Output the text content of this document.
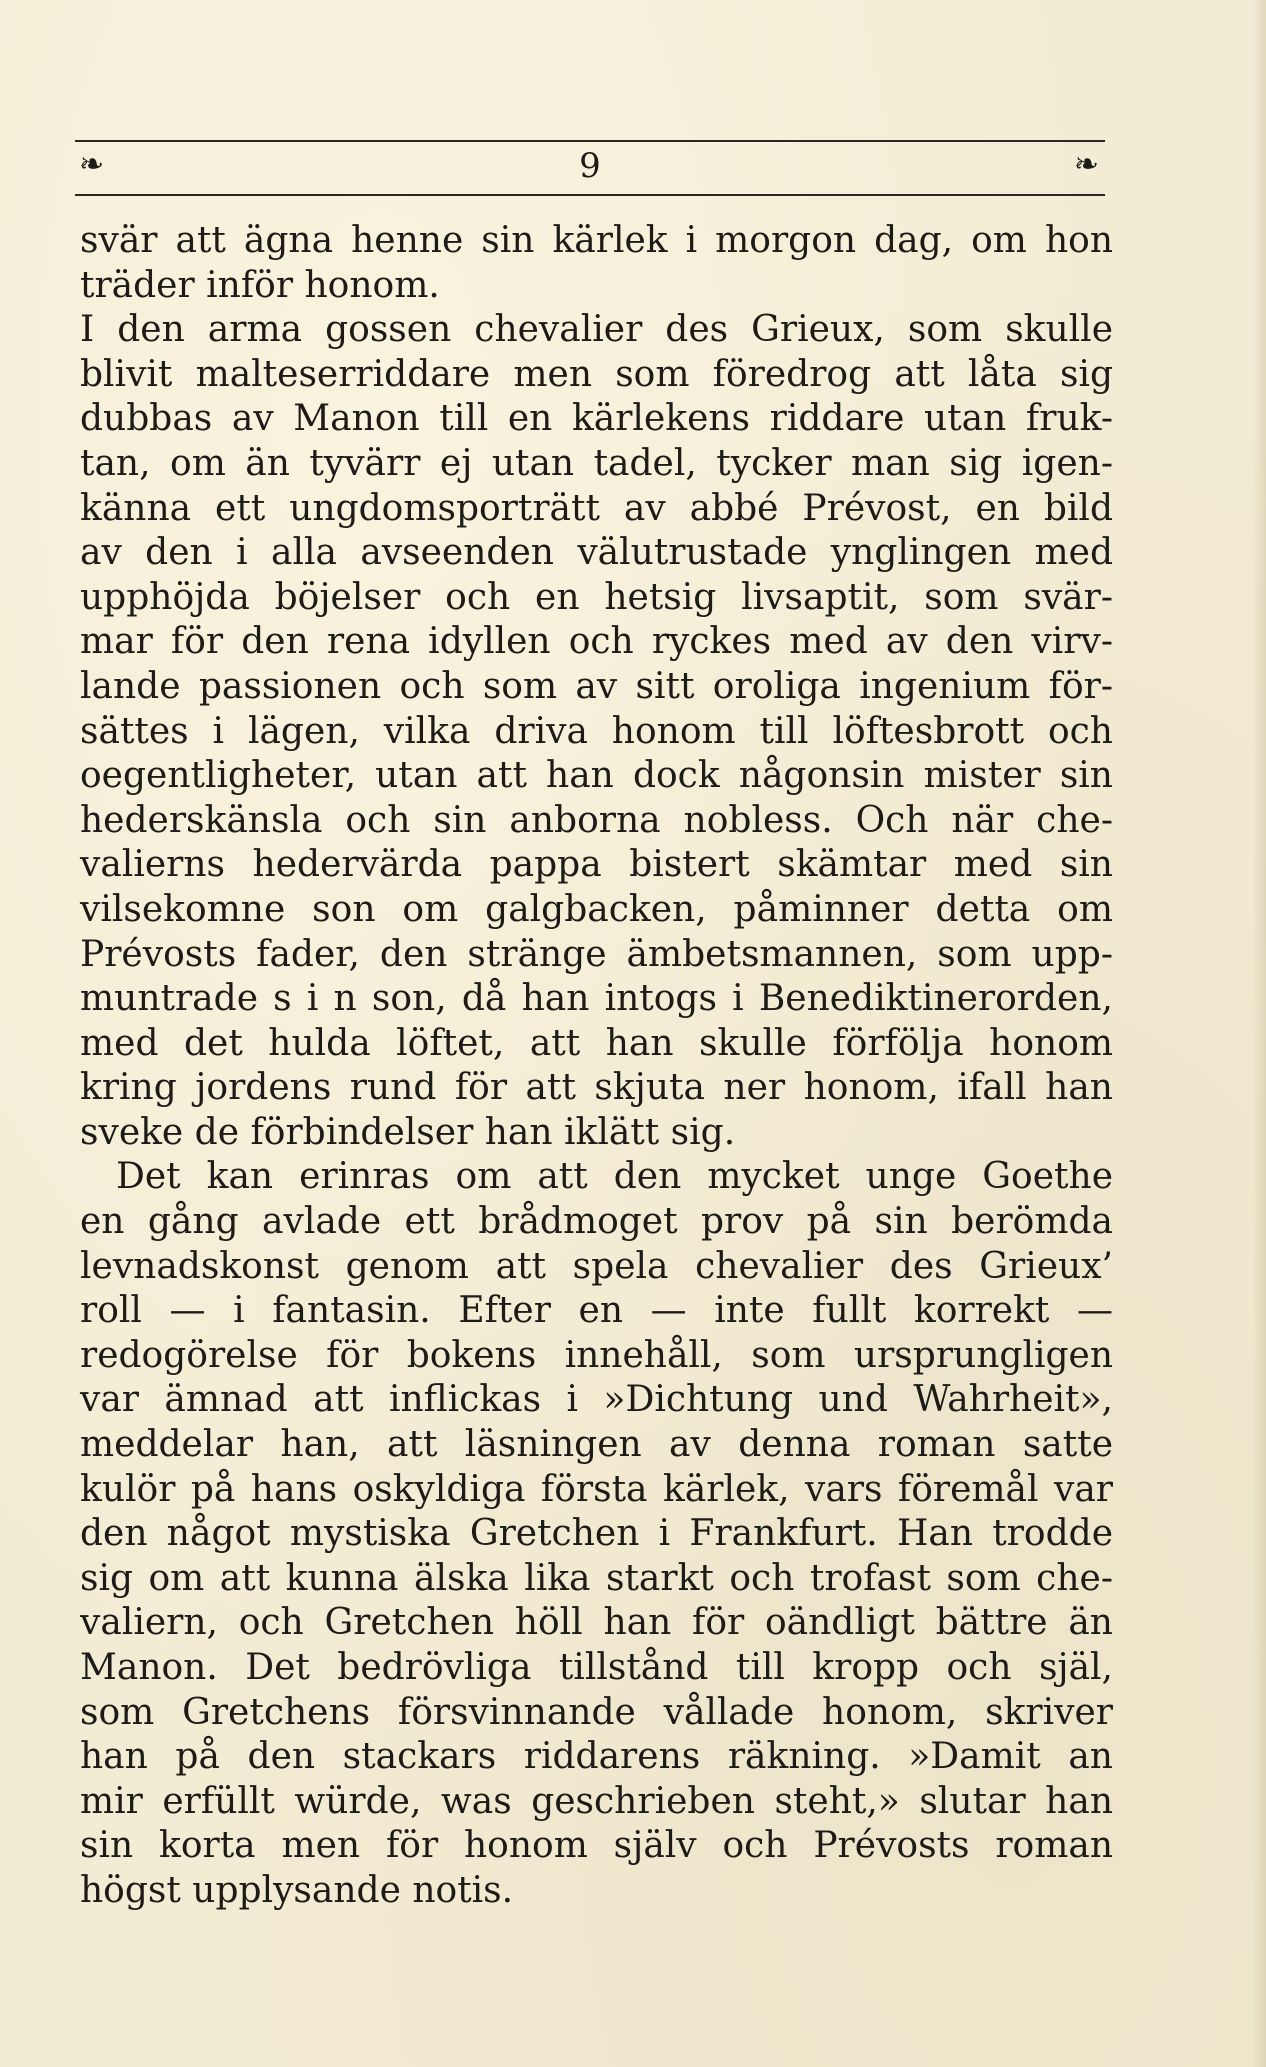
❧	9	❧
svär att ägna henne sin kärlek i morgon dag, om hon
träder inför honom.
I den arma gossen chevalier des Grieux, som skulle
blivit malteserriddare men som föredrog att låta sig
dubbas av Manon till en kärlekens riddare utan fruk-
tan, om än tyvärr ej utan tadel, tycker man sig igen-
känna ett ungdomsporträtt av abbé Prévost, en bild
av den i alla avseenden välutrustade ynglingen med
upphöjda böjelser och en hetsig livsaptit, som svär-
mar för den rena idyllen och ryckes med av den virv-
lande passionen och som av sitt oroliga ingenium för-
sättes i lägen, vilka driva honom till löftesbrott och
oegentligheter, utan att han dock någonsin mister sin
hederskänsla och sin anborna nobless. Och när che-
valierns hedervärda pappa bistert skämtar med sin
vilsekomne son om galgbacken, påminner detta om
Prévosts fader, den stränge ämbetsmannen, som upp-
muntrade s i n son, då han intogs i Benediktinerorden,
med det hulda löftet, att han skulle förfölja honom
kring jordens rund för att skjuta ner honom, ifall han
sveke de förbindelser han iklätt sig.
Det kan erinras om att den mycket unge Goethe
en gång avlade ett brådmoget prov på sin berömda
levnadskonst genom att spela chevalier des Grieux’
roll — i fantasin. Efter en — inte fullt korrekt —
redogörelse för bokens innehåll, som ursprungligen
var ämnad att inflickas i »Dichtung und Wahrheit»,
meddelar han, att läsningen av denna roman satte
kulör på hans oskyldiga första kärlek, vars föremål var
den något mystiska Gretchen i Frankfurt. Han trodde
sig om att kunna älska lika starkt och trofast som che-
valiern, och Gretchen höll han för oändligt bättre än
Manon. Det bedrövliga tillstånd till kropp och själ,
som Gretchens försvinnande vållade honom, skriver
han på den stackars riddarens räkning. »Damit an
mir erfüllt würde, was geschrieben steht,» slutar han
sin korta men för honom själv och Prévosts roman
högst upplysande notis.
